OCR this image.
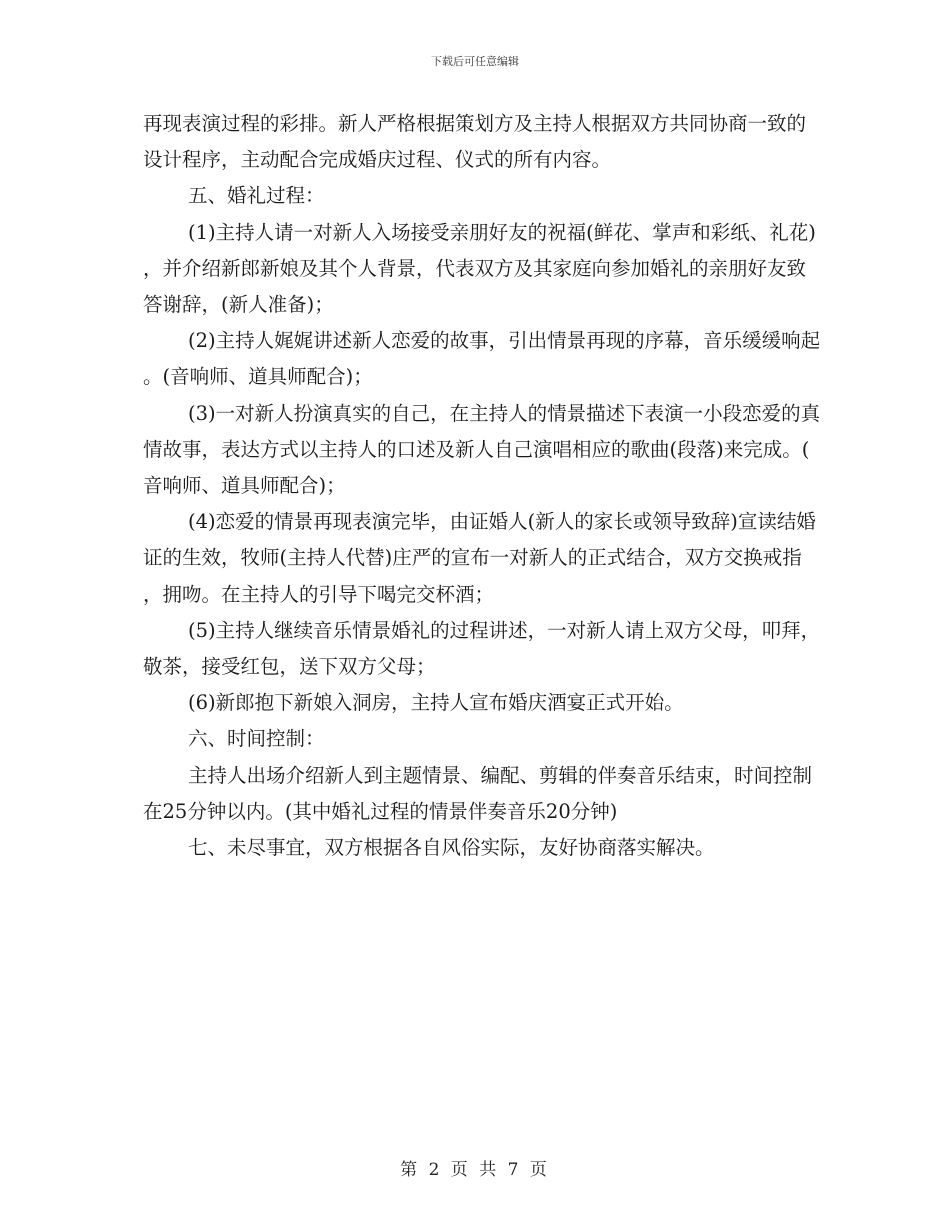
下载后可任意编辑

再现表演过程的彩排。新人严格根据策划方及主持人根据双方共同协商一致的设计程序，主动配合完成婚庆过程、仪式的所有内容。

五、婚礼过程：

(1)主持人请一对新人入场接受亲朋好友的祝福(鲜花、掌声和彩纸、礼花)，并介绍新郎新娘及其个人背景，代表双方及其家庭向参加婚礼的亲朋好友致答谢辞，(新人准备)；

(2)主持人娓娓讲述新人恋爱的故事，引出情景再现的序幕，音乐缓缓响起。(音响师、道具师配合)；

(3)一对新人扮演真实的自己，在主持人的情景描述下表演一小段恋爱的真情故事，表达方式以主持人的口述及新人自己演唱相应的歌曲(段落)来完成。(音响师、道具师配合)；

(4)恋爱的情景再现表演完毕，由证婚人(新人的家长或领导致辞)宣读结婚证的生效，牧师(主持人代替)庄严的宣布一对新人的正式结合，双方交换戒指，拥吻。在主持人的引导下喝完交杯酒；

(5)主持人继续音乐情景婚礼的过程讲述，一对新人请上双方父母，叩拜，敬茶，接受红包，送下双方父母；

(6)新郎抱下新娘入洞房，主持人宣布婚庆酒宴正式开始。

六、时间控制：

主持人出场介绍新人到主题情景、编配、剪辑的伴奏音乐结束，时间控制在25分钟以内。(其中婚礼过程的情景伴奏音乐20分钟)

七、未尽事宜，双方根据各自风俗实际，友好协商落实解决。

第 2 页 共 7 页
